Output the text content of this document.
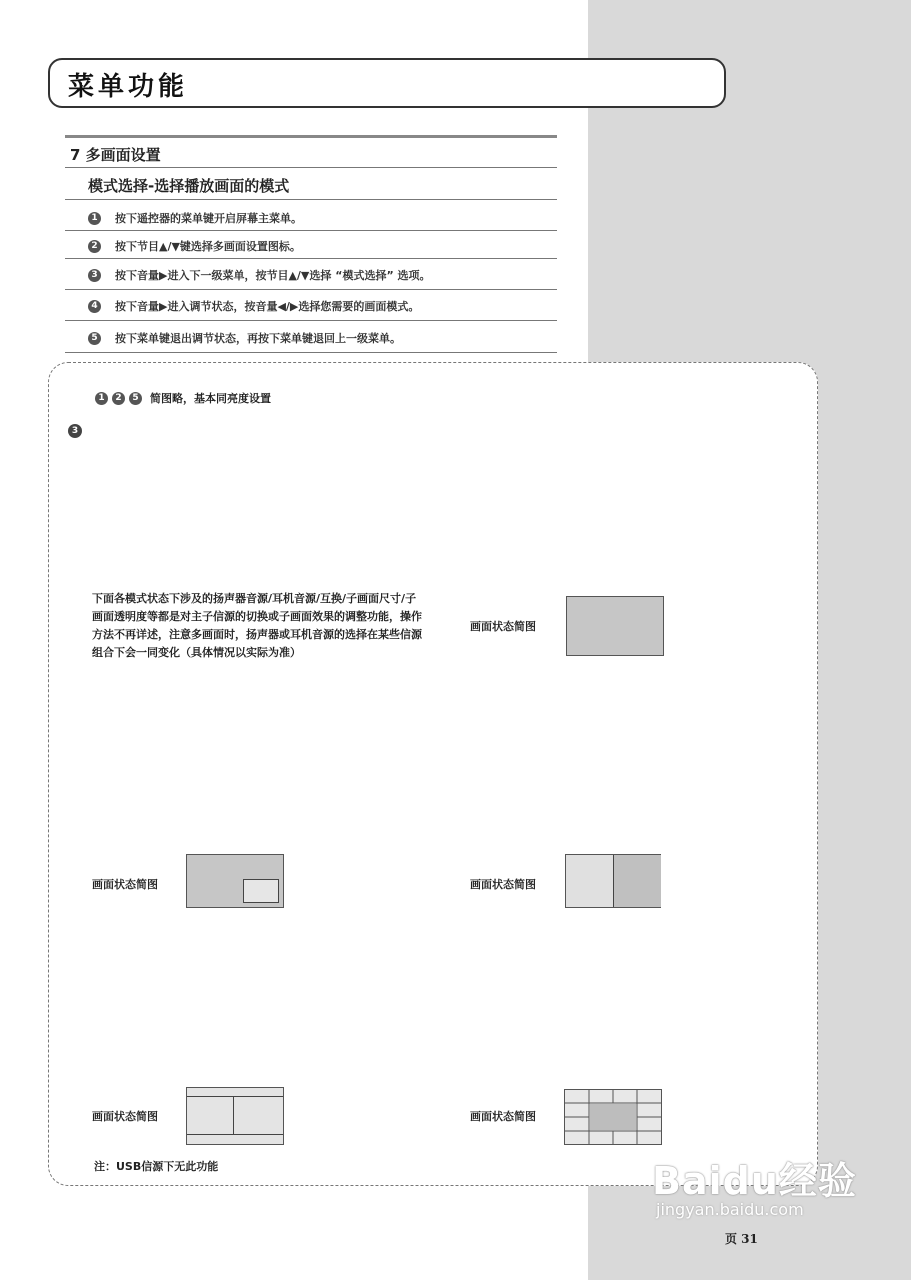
菜单功能
7 多画面设置
模式选择-选择播放画面的模式
1	按下遥控器的菜单键开启屏幕主菜单。
2	按下节目▲/▼键选择多画面设置图标。
3	按下音量▶进入下一级菜单，按节目▲/▼选择 “模式选择” 选项。
4	按下音量▶进入调节状态，按音量◀/▶选择您需要的画面模式。
5	按下菜单键退出调节状态，再按下菜单键退回上一级菜单。
1	2	5	简图略，基本同亮度设置
3
下面各模式状态下涉及的扬声器音源/耳机音源/互换/子画面尺寸/子画面透明度等都是对主子信源的切换或子画面效果的调整功能，操作方法不再详述，注意多画面时，扬声器或耳机音源的选择在某些信源组合下会一同变化（具体情况以实际为准）
画面状态简图
画面状态简图	画面状态简图
画面状态简图	画面状态简图
注：USB信源下无此功能	Baidu经验
jingyan.baidu.com
页 31
